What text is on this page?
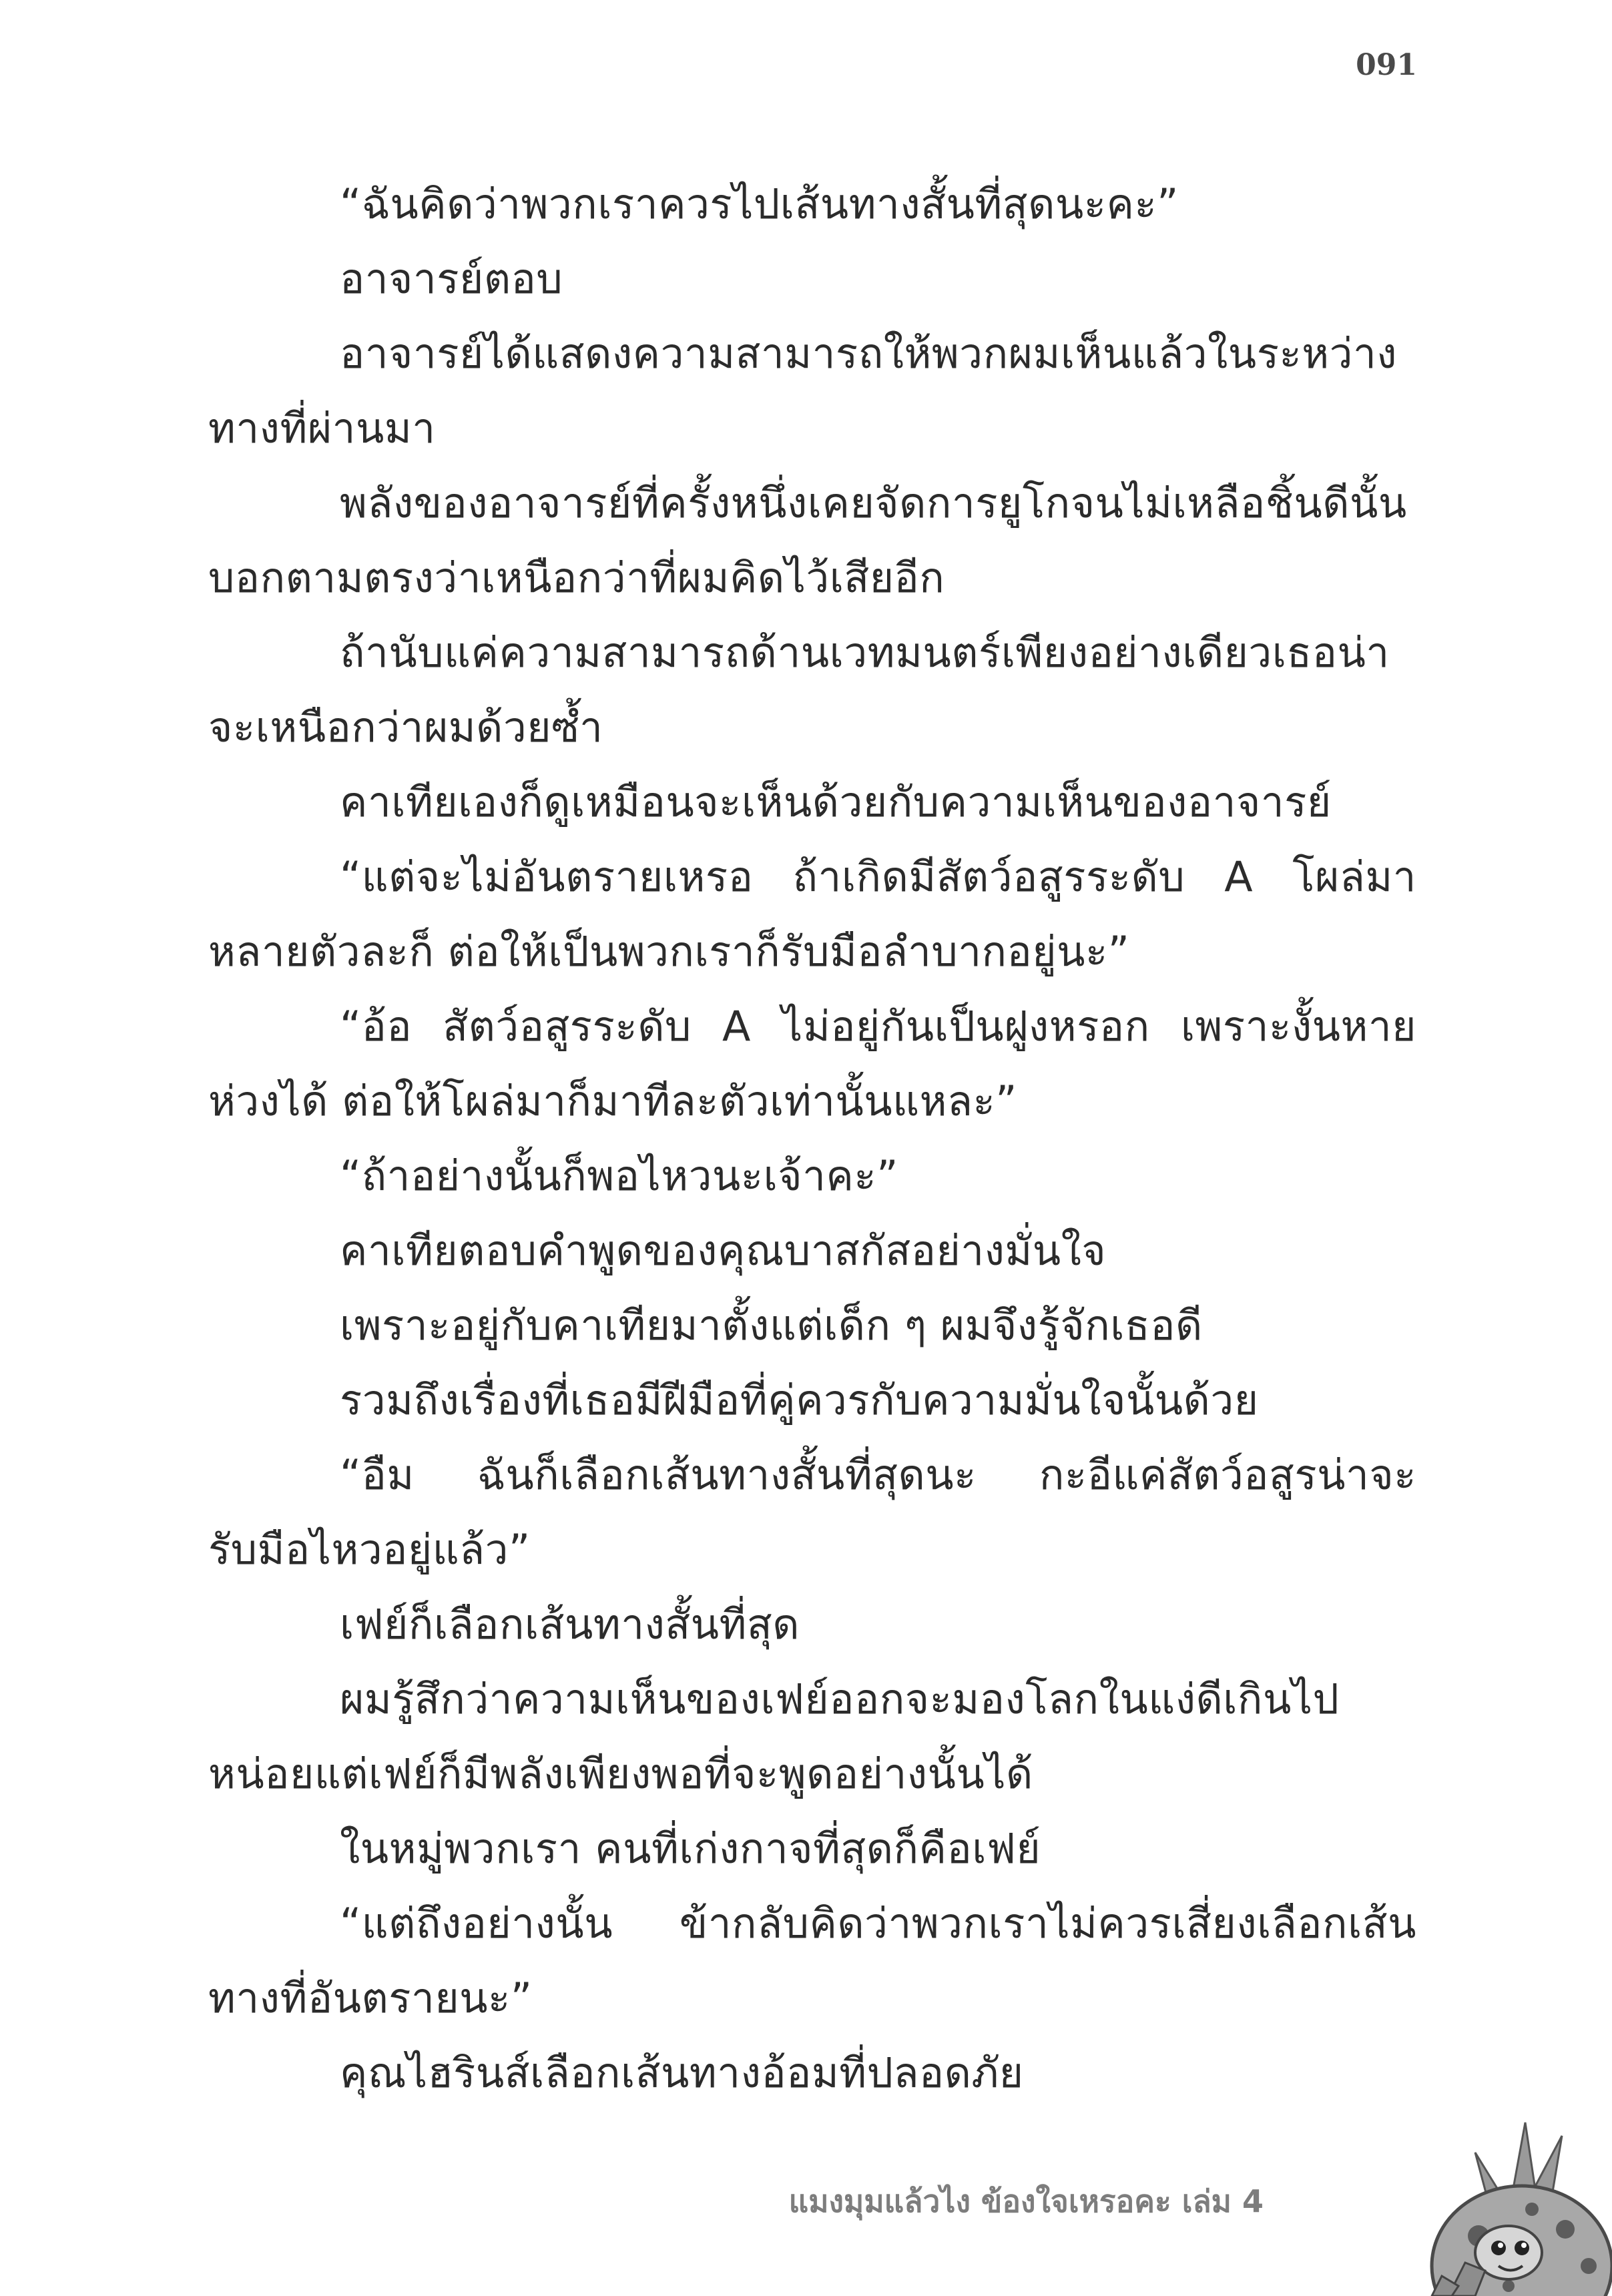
091

“ฉันคิดว่าพวกเราควรไปเส้นทางสั้นที่สุดนะคะ”

อาจารย์ตอบ

อาจารย์ได้แสดงความสามารถให้พวกผมเห็นแล้วในระหว่างทางที่ผ่านมา

พลังของอาจารย์ที่ครั้งหนึ่งเคยจัดการยูโกจนไม่เหลือชิ้นดีนั้นบอกตามตรงว่าเหนือกว่าที่ผมคิดไว้เสียอีก

ถ้านับแค่ความสามารถด้านเวทมนตร์เพียงอย่างเดียวเธอน่าจะเหนือกว่าผมด้วยซ้ำ

คาเทียเองก็ดูเหมือนจะเห็นด้วยกับความเห็นของอาจารย์

“แต่จะไม่อันตรายเหรอ ถ้าเกิดมีสัตว์อสูรระดับ A โผล่มาหลายตัวละก็ ต่อให้เป็นพวกเราก็รับมือลำบากอยู่นะ”

“อ้อ สัตว์อสูรระดับ A ไม่อยู่กันเป็นฝูงหรอก เพราะงั้นหายห่วงได้ ต่อให้โผล่มาก็มาทีละตัวเท่านั้นแหละ”

“ถ้าอย่างนั้นก็พอไหวนะเจ้าคะ”

คาเทียตอบคำพูดของคุณบาสกัสอย่างมั่นใจ

เพราะอยู่กับคาเทียมาตั้งแต่เด็ก ๆ ผมจึงรู้จักเธอดี

รวมถึงเรื่องที่เธอมีฝีมือที่คู่ควรกับความมั่นใจนั้นด้วย

“อืม ฉันก็เลือกเส้นทางสั้นที่สุดนะ กะอีแค่สัตว์อสูรน่าจะรับมือไหวอยู่แล้ว”

เฟย์ก็เลือกเส้นทางสั้นที่สุด

ผมรู้สึกว่าความเห็นของเฟย์ออกจะมองโลกในแง่ดีเกินไปหน่อยแต่เฟย์ก็มีพลังเพียงพอที่จะพูดอย่างนั้นได้

ในหมู่พวกเรา คนที่เก่งกาจที่สุดก็คือเฟย์

“แต่ถึงอย่างนั้น ข้ากลับคิดว่าพวกเราไม่ควรเสี่ยงเลือกเส้นทางที่อันตรายนะ”

คุณไฮรินส์เลือกเส้นทางอ้อมที่ปลอดภัย

แมงมุมแล้วไง ข้องใจเหรอคะ เล่ม 4
